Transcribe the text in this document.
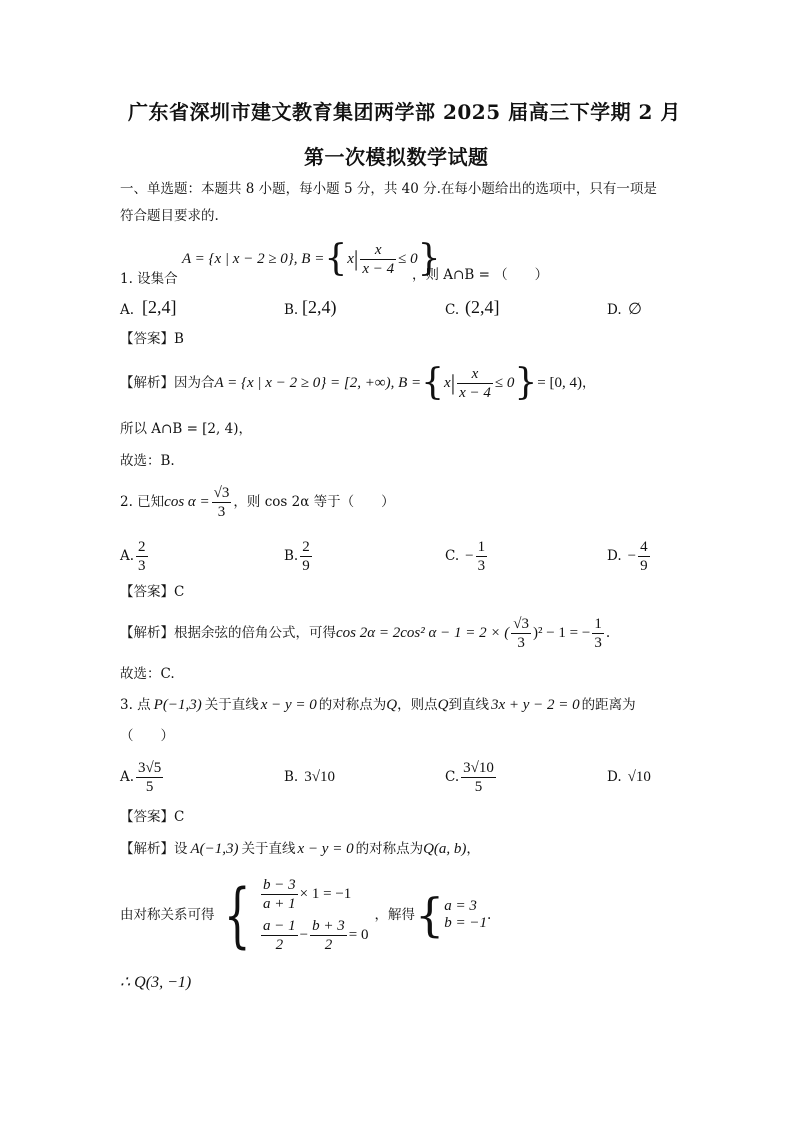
广东省深圳市建文教育集团两学部 2025 届高三下学期 2 月
第一次模拟数学试题
一、单选题：本题共 8 小题，每小题 5 分，共 40 分.在每小题给出的选项中，只有一项是
符合题目要求的.
1. 设集合
A = {x | x − 2 ≥ 0}, B = { x | $\frac{x}{x - 4} \le 0$ }
，则 A∩B = （　　）
A. [2,4]	B. [2,4)	C. (2,4]	D. ∅
【答案】B
【解析】 因为合 A = {x | x − 2 ≥ 0} = [2, +∞), B = { x | $\frac{x}{x - 4} \le 0$ } = [0, 4) ，
所以 A∩B = [2, 4)，
故选：B.
2. 已知 $\cos \alpha = \frac{√3}{3}$ ，则 cos 2α 等于（　　）
A. $\frac{2}{3}$	B. $\frac{2}{9}$	C. − $\frac{1}{3}$	D. − $\frac{4}{9}$
【答案】C
【解析】 根据余弦的倍角公式，可得 cos 2α = 2cos² α − 1 = 2 × ( $\frac{√3}{3} )^2 - 1$ = − $\frac{1}{3}$ .
故选：C.
3. 点 P(−1,3) 关于直线 x − y = 0 的对称点为 Q ，则点 Q 到直线 3x + y − 2 = 0 的距离为
（　　）
A. $\frac{3√5}{5}$	B. 3√10	C. $\frac{3√10}{5}$	D. √10
【答案】C
【解析】 设 A(−1,3) 关于直线 x − y = 0 的对称点为 Q(a, b) ，
由对称关系可得 { $\frac{b - 3}{a + 1} \times 1 = -1$
$\frac{a - 1}{2} - \frac{b + 3}{2} = 0$
，解得 { a = 3
b = −1 .
∴ Q(3, −1)
